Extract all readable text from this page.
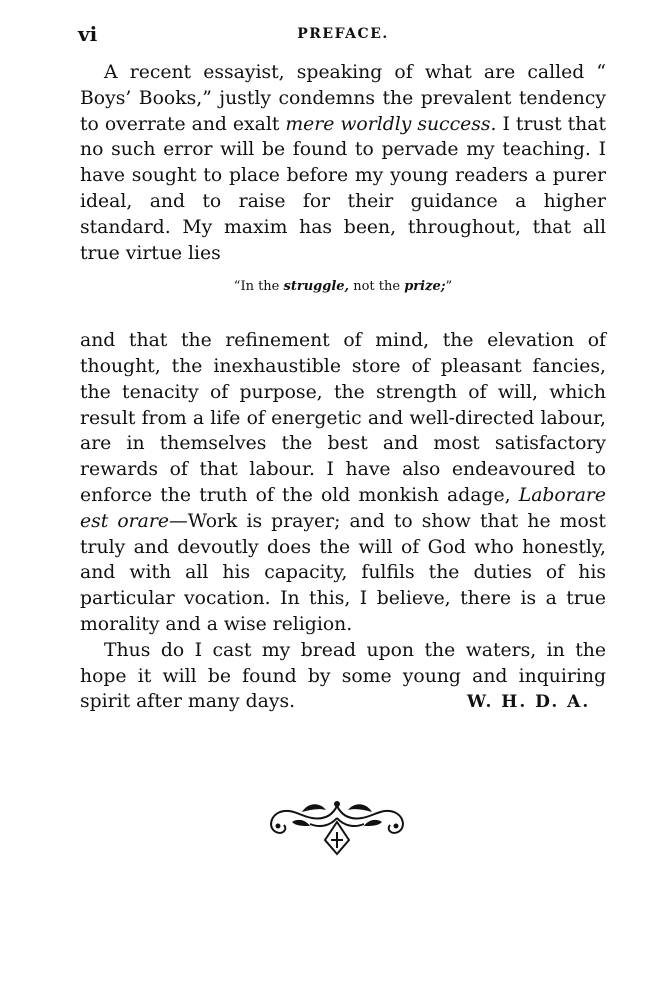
vi	PREFACE.

A recent essayist, speaking of what are called “ Boys’ Books,” justly condemns the prevalent tendency to overrate and exalt mere worldly success. I trust that no such error will be found to pervade my teaching. I have sought to place before my young readers a purer ideal, and to raise for their guidance a higher standard. My maxim has been, throughout, that all true virtue lies

“In the struggle, not the prize;”

and that the refinement of mind, the elevation of thought, the inexhaustible store of pleasant fancies, the tenacity of purpose, the strength of will, which result from a life of energetic and well-directed labour, are in themselves the best and most satisfactory rewards of that labour. I have also endeavoured to enforce the truth of the old monkish adage, Laborare est orare—Work is prayer; and to show that he most truly and devoutly does the will of God who honestly, and with all his capacity, fulfils the duties of his particular vocation. In this, I believe, there is a true morality and a wise religion.

Thus do I cast my bread upon the waters, in the hope it will be found by some young and inquiring spirit after many days.	W. H. D. A.
